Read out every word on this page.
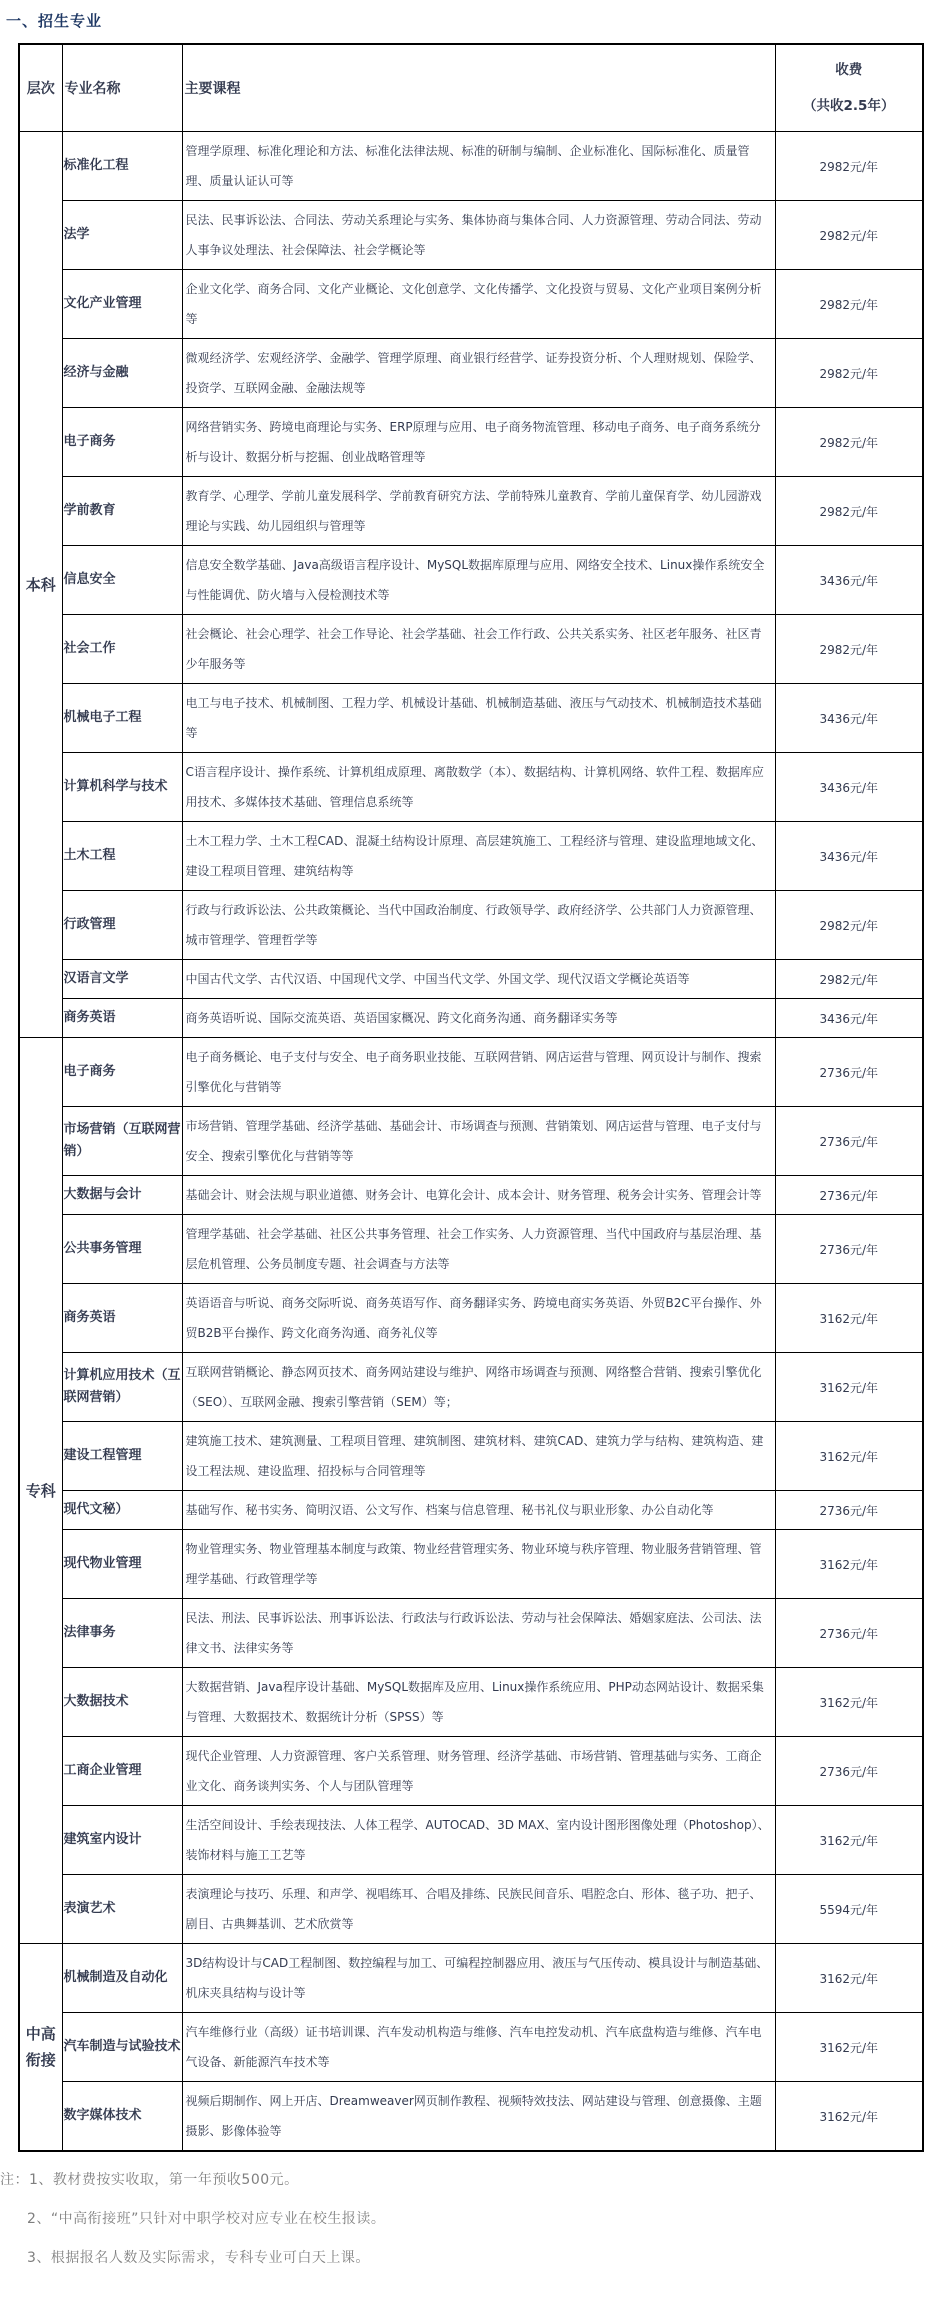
一、招生专业
层次	专业名称	主要课程	收费
（共收2.5年）

本科	标准化工程	管理学原理、标准化理论和方法、标准化法律法规、标准的研制与编制、企业标准化、国际标准化、质量管理、质量认证认可等	2982元/年
	法学	民法、民事诉讼法、合同法、劳动关系理论与实务、集体协商与集体合同、人力资源管理、劳动合同法、劳动人事争议处理法、社会保障法、社会学概论等	2982元/年
	文化产业管理	企业文化学、商务合同、文化产业概论、文化创意学、文化传播学、文化投资与贸易、文化产业项目案例分析等	2982元/年
	经济与金融	微观经济学、宏观经济学、金融学、管理学原理、商业银行经营学、证券投资分析、个人理财规划、保险学、投资学、互联网金融、金融法规等	2982元/年
	电子商务	网络营销实务、跨境电商理论与实务、ERP原理与应用、电子商务物流管理、移动电子商务、电子商务系统分析与设计、数据分析与挖掘、创业战略管理等	2982元/年
	学前教育	教育学、心理学、学前儿童发展科学、学前教育研究方法、学前特殊儿童教育、学前儿童保育学、幼儿园游戏理论与实践、幼儿园组织与管理等	2982元/年
	信息安全	信息安全数学基础、Java高级语言程序设计、MySQL数据库原理与应用、网络安全技术、Linux操作系统安全与性能调优、防火墙与入侵检测技术等	3436元/年
	社会工作	社会概论、社会心理学、社会工作导论、社会学基础、社会工作行政、公共关系实务、社区老年服务、社区青少年服务等	2982元/年
	机械电子工程	电工与电子技术、机械制图、工程力学、机械设计基础、机械制造基础、液压与气动技术、机械制造技术基础等	3436元/年
	计算机科学与技术	C语言程序设计、操作系统、计算机组成原理、离散数学（本）、数据结构、计算机网络、软件工程、数据库应用技术、多媒体技术基础、管理信息系统等	3436元/年
	土木工程	土木工程力学、土木工程CAD、混凝土结构设计原理、高层建筑施工、工程经济与管理、建设监理地域文化、建设工程项目管理、建筑结构等	3436元/年
	行政管理	行政与行政诉讼法、公共政策概论、当代中国政治制度、行政领导学、政府经济学、公共部门人力资源管理、城市管理学、管理哲学等	2982元/年
	汉语言文学	中国古代文学、古代汉语、中国现代文学、中国当代文学、外国文学、现代汉语文学概论英语等	2982元/年
	商务英语	商务英语听说、国际交流英语、英语国家概况、跨文化商务沟通、商务翻译实务等	3436元/年
专科	电子商务	电子商务概论、电子支付与安全、电子商务职业技能、互联网营销、网店运营与管理、网页设计与制作、搜索引擎优化与营销等	2736元/年
	市场营销（互联网营销）	市场营销、管理学基础、经济学基础、基础会计、市场调查与预测、营销策划、网店运营与管理、电子支付与安全、搜索引擎优化与营销等等	2736元/年
	大数据与会计	基础会计、财会法规与职业道德、财务会计、电算化会计、成本会计、财务管理、税务会计实务、管理会计等	2736元/年
	公共事务管理	管理学基础、社会学基础、社区公共事务管理、社会工作实务、人力资源管理、当代中国政府与基层治理、基层危机管理、公务员制度专题、社会调查与方法等	2736元/年
	商务英语	英语语音与听说、商务交际听说、商务英语写作、商务翻译实务、跨境电商实务英语、外贸B2C平台操作、外贸B2B平台操作、跨文化商务沟通、商务礼仪等	3162元/年
	计算机应用技术（互联网营销）	互联网营销概论、静态网页技术、商务网站建设与维护、网络市场调查与预测、网络整合营销、搜索引擎优化（SEO）、互联网金融、搜索引擎营销（SEM）等；	3162元/年
	建设工程管理	建筑施工技术、建筑测量、工程项目管理、建筑制图、建筑材料、建筑CAD、建筑力学与结构、建筑构造、建设工程法规、建设监理、招投标与合同管理等	3162元/年
	现代文秘）	基础写作、秘书实务、简明汉语、公文写作、档案与信息管理、秘书礼仪与职业形象、办公自动化等	2736元/年
	现代物业管理	物业管理实务、物业管理基本制度与政策、物业经营管理实务、物业环境与秩序管理、物业服务营销管理、管理学基础、行政管理学等	3162元/年
	法律事务	民法、刑法、民事诉讼法、刑事诉讼法、行政法与行政诉讼法、劳动与社会保障法、婚姻家庭法、公司法、法律文书、法律实务等	2736元/年
	大数据技术	大数据营销、Java程序设计基础、MySQL数据库及应用、Linux操作系统应用、PHP动态网站设计、数据采集与管理、大数据技术、数据统计分析（SPSS）等	3162元/年
	工商企业管理	现代企业管理、人力资源管理、客户关系管理、财务管理、经济学基础、市场营销、管理基础与实务、工商企业文化、商务谈判实务、个人与团队管理等	2736元/年
	建筑室内设计	生活空间设计、手绘表现技法、人体工程学、AUTOCAD、3D MAX、室内设计图形图像处理（Photoshop）、装饰材料与施工工艺等	3162元/年
	表演艺术	表演理论与技巧、乐理、和声学、视唱练耳、合唱及排练、民族民间音乐、唱腔念白、形体、毯子功、把子、剧目、古典舞基训、艺术欣赏等	5594元/年
中高衔接	机械制造及自动化	3D结构设计与CAD工程制图、数控编程与加工、可编程控制器应用、液压与气压传动、模具设计与制造基础、机床夹具结构与设计等	3162元/年
	汽车制造与试验技术	汽车维修行业（高级）证书培训课、汽车发动机构造与维修、汽车电控发动机、汽车底盘构造与维修、汽车电气设备、新能源汽车技术等	3162元/年
	数字媒体技术	视频后期制作、网上开店、Dreamweaver网页制作教程、视频特效技法、网站建设与管理、创意摄像、主题摄影、影像体验等	3162元/年
注：1、教材费按实收取，第一年预收500元。
2、“中高衔接班”只针对中职学校对应专业在校生报读。
3、根据报名人数及实际需求，专科专业可白天上课。
